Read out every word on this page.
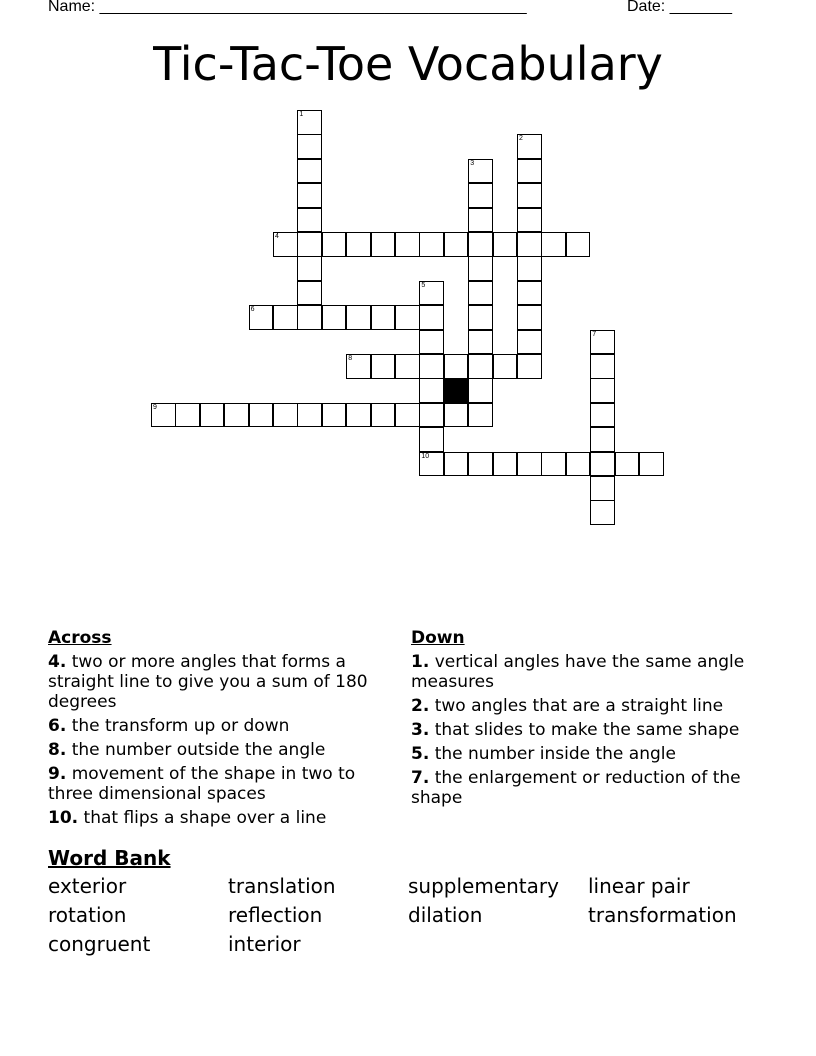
Name: ________________________________________________	Date: _______
Tic-Tac-Toe Vocabulary
1
2
3
4
5
10
6
7
8
9
Across
4. two or more angles that forms a straight line to give you a sum of 180 degrees
6. the transform up or down
8. the number outside the angle
9. movement of the shape in two to three dimensional spaces
10. that flips a shape over a line
Down
1. vertical angles have the same angle measures
2. two angles that are a straight line
3. that slides to make the same shape
5. the number inside the angle
7. the enlargement or reduction of the shape
Word Bank
exterior	translation	supplementary	linear pair
rotation	reflection	dilation	transformation
congruent	interior
